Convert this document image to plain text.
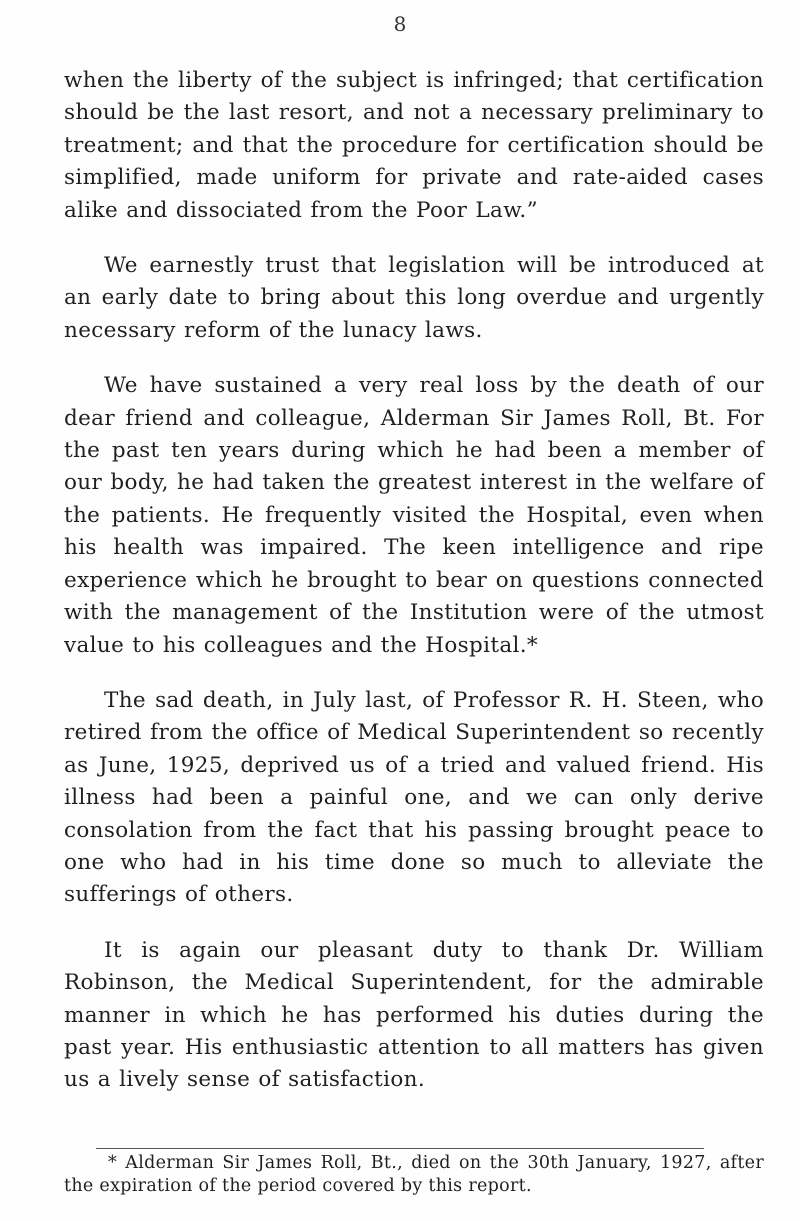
8

when the liberty of the subject is infringed; that certification should be the last resort, and not a necessary preliminary to treatment; and that the procedure for certification should be simplified, made uniform for private and rate-aided cases alike and dissociated from the Poor Law.”

We earnestly trust that legislation will be introduced at an early date to bring about this long overdue and urgently necessary reform of the lunacy laws.

We have sustained a very real loss by the death of our dear friend and colleague, Alderman Sir James Roll, Bt. For the past ten years during which he had been a member of our body, he had taken the greatest interest in the welfare of the patients. He frequently visited the Hospital, even when his health was impaired. The keen intelligence and ripe experience which he brought to bear on questions connected with the management of the Institution were of the utmost value to his colleagues and the Hospital.*

The sad death, in July last, of Professor R. H. Steen, who retired from the office of Medical Superintendent so recently as June, 1925, deprived us of a tried and valued friend. His illness had been a painful one, and we can only derive consolation from the fact that his passing brought peace to one who had in his time done so much to alleviate the sufferings of others.

It is again our pleasant duty to thank Dr. William Robinson, the Medical Superintendent, for the admirable manner in which he has performed his duties during the past year. His enthusiastic attention to all matters has given us a lively sense of satisfaction.

* Alderman Sir James Roll, Bt., died on the 30th January, 1927, after the expiration of the period covered by this report.
